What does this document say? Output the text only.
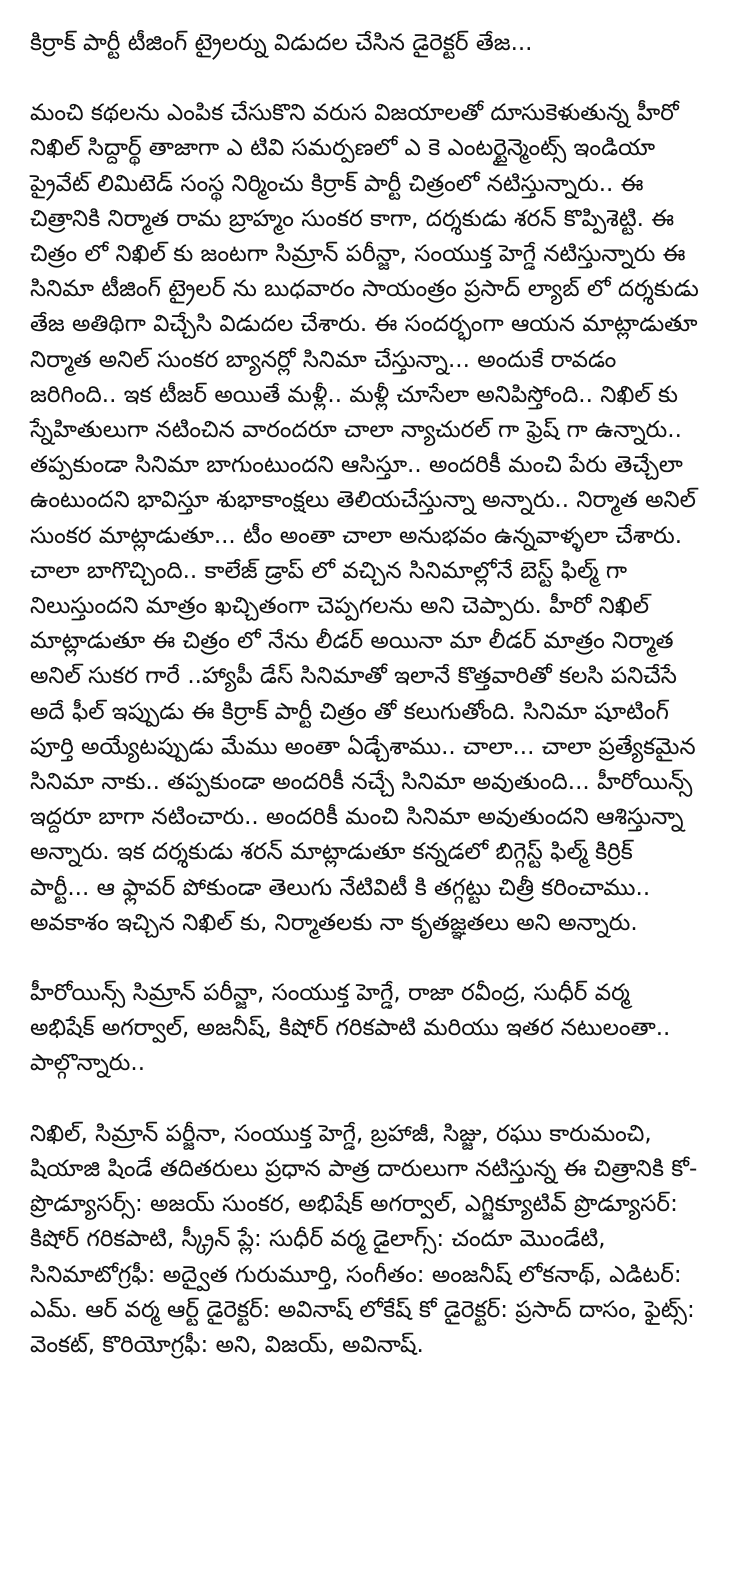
కిర్రాక్ పార్టీ టీజింగ్ ట్రైలర్ను విడుదల చేసిన డైరెక్టర్ తేజ...

మంచి కథలను ఎంపిక చేసుకొని వరుస విజయాలతో దూసుకెళుతున్న హీరో నిఖిల్ సిద్దార్థ్ తాజాగా ఎ టివి సమర్పణలో ఎ కె ఎంటర్టైన్మెంట్స్ ఇండియా ప్రైవేట్ లిమిటెడ్ సంస్థ నిర్మించు కిర్రాక్ పార్టీ చిత్రంలో నటిస్తున్నారు.. ఈ చిత్రానికి నిర్మాత రామ బ్రాహ్మం సుంకర కాగా, దర్శకుడు శరన్ కొప్పిశెట్టి. ఈ చిత్రం లో నిఖిల్ కు జంటగా సిమ్రాన్ పరీన్జా, సంయుక్త హెగ్డే నటిస్తున్నారు ఈ సినిమా టీజింగ్ ట్రైలర్ ను బుధవారం సాయంత్రం ప్రసాద్ ల్యాబ్ లో దర్శకుడు తేజ అతిథిగా విచ్చేసి విడుదల చేశారు. ఈ సందర్భంగా ఆయన మాట్లాడుతూ నిర్మాత అనిల్ సుంకర బ్యానర్లో సినిమా చేస్తున్నా... అందుకే రావడం జరిగింది.. ఇక టీజర్ అయితే మళ్లీ.. మళ్లీ చూసేలా అనిపిస్తోంది.. నిఖిల్ కు స్నేహితులుగా నటించిన వారందరూ చాలా న్యాచురల్ గా ఫ్రెష్ గా ఉన్నారు.. తప్పకుండా సినిమా బాగుంటుందని ఆసిస్తూ.. అందరికీ మంచి పేరు తెచ్చేలా ఉంటుందని భావిస్తూ శుభాకాంక్షలు తెలియచేస్తున్నా అన్నారు.. నిర్మాత అనిల్ సుంకర మాట్లాడుతూ... టీం అంతా చాలా అనుభవం ఉన్నవాళ్ళలా చేశారు. చాలా బాగొచ్చింది.. కాలేజ్ డ్రాప్ లో వచ్చిన సినిమాల్లోనే బెస్ట్ ఫిల్మ్ గా నిలుస్తుందని మాత్రం ఖచ్చితంగా చెప్పగలను అని చెప్పారు. హీరో నిఖిల్ మాట్లాడుతూ ఈ చిత్రం లో నేను లీడర్ అయినా మా లీడర్ మాత్రం నిర్మాత అనిల్ సుకర గారే ..హ్యాపీ డేస్ సినిమాతో ఇలానే కొత్తవారితో కలసి పనిచేసే అదే ఫీల్ ఇప్పుడు ఈ కిర్రాక్ పార్టీ చిత్రం తో కలుగుతోంది. సినిమా షూటింగ్ పూర్తి అయ్యేటప్పుడు మేము అంతా ఏడ్చేశాము.. చాలా... చాలా ప్రత్యేకమైన సినిమా నాకు.. తప్పకుండా అందరికీ నచ్చే సినిమా అవుతుంది... హీరోయిన్స్ ఇద్దరూ బాగా నటించారు.. అందరికీ మంచి సినిమా అవుతుందని ఆశిస్తున్నా అన్నారు. ఇక దర్శకుడు శరన్ మాట్లాడుతూ కన్నడలో బిగ్గెస్ట్ ఫిల్మ్ కిర్రిక్ పార్టీ... ఆ ఫ్లావర్ పోకుండా తెలుగు నేటివిటీ కి తగ్గట్టు చిత్రీ కరించాము.. అవకాశం ఇచ్చిన నిఖిల్ కు, నిర్మాతలకు నా కృతజ్ఞతలు అని అన్నారు.

హీరోయిన్స్ సిమ్రాన్ పరీన్జా, సంయుక్త హెగ్డే, రాజా రవీంద్ర, సుధీర్ వర్మ అభిషేక్ అగర్వాల్, అజనీష్, కిషోర్ గరికపాటి మరియు ఇతర నటులంతా.. పాల్గొన్నారు..

నిఖిల్, సిమ్రాన్ పర్జీనా, సంయుక్త హెగ్డే, బ్రహాజీ, సిజ్జు, రఘు కారుమంచి, షియాజి షిండే తదితరులు ప్రధాన పాత్ర దారులుగా నటిస్తున్న ఈ చిత్రానికి కో-ప్రొడ్యూసర్స్: అజయ్ సుంకర, అభిషేక్ అగర్వాల్, ఎగ్జిక్యూటివ్ ప్రొడ్యూసర్: కిషోర్ గరికపాటి, స్క్రీన్ ప్లే: సుధీర్ వర్మ డైలాగ్స్: చందూ మొండేటి, సినిమాటోగ్రఫీ: అద్వైత గురుమూర్తి, సంగీతం: అంజనీష్ లోకనాథ్, ఎడిటర్: ఎమ్. ఆర్ వర్మ ఆర్ట్ డైరెక్టర్: అవినాష్ లోకేష్ కో డైరెక్టర్: ప్రసాద్ దాసం, ఫైట్స్: వెంకట్, కొరియోగ్రఫీ: అని, విజయ్, అవినాష్.
